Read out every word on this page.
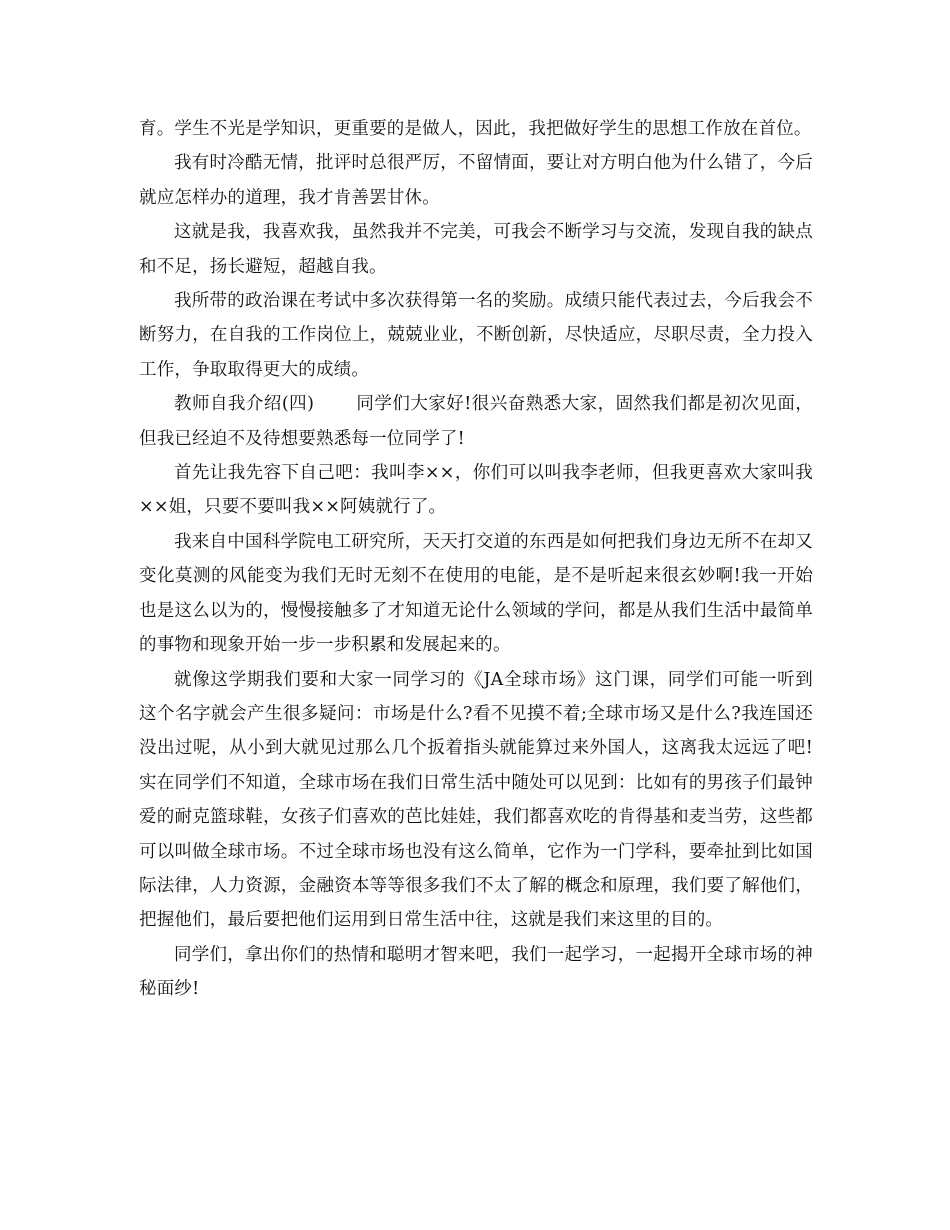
育。学生不光是学知识，更重要的是做人，因此，我把做好学生的思想工作放在首位。

我有时冷酷无情，批评时总很严厉，不留情面，要让对方明白他为什么错了，今后就应怎样办的道理，我才肯善罢甘休。

这就是我，我喜欢我，虽然我并不完美，可我会不断学习与交流，发现自我的缺点和不足，扬长避短，超越自我。

我所带的政治课在考试中多次获得第一名的奖励。成绩只能代表过去，今后我会不断努力，在自我的工作岗位上，兢兢业业，不断创新，尽快适应，尽职尽责，全力投入工作，争取取得更大的成绩。

教师自我介绍(四) 同学们大家好!很兴奋熟悉大家，固然我们都是初次见面，但我已经迫不及待想要熟悉每一位同学了!

首先让我先容下自己吧：我叫李××，你们可以叫我李老师，但我更喜欢大家叫我××姐，只要不要叫我××阿姨就行了。

我来自中国科学院电工研究所，天天打交道的东西是如何把我们身边无所不在却又变化莫测的风能变为我们无时无刻不在使用的电能，是不是听起来很玄妙啊!我一开始也是这么以为的，慢慢接触多了才知道无论什么领域的学问，都是从我们生活中最简单的事物和现象开始一步一步积累和发展起来的。

就像这学期我们要和大家一同学习的《JA全球市场》这门课，同学们可能一听到这个名字就会产生很多疑问：市场是什么?看不见摸不着;全球市场又是什么?我连国还没出过呢，从小到大就见过那么几个扳着指头就能算过来外国人，这离我太远远了吧!实在同学们不知道，全球市场在我们日常生活中随处可以见到：比如有的男孩子们最钟爱的耐克篮球鞋，女孩子们喜欢的芭比娃娃，我们都喜欢吃的肯得基和麦当劳，这些都可以叫做全球市场。不过全球市场也没有这么简单，它作为一门学科，要牵扯到比如国际法律，人力资源，金融资本等等很多我们不太了解的概念和原理，我们要了解他们，把握他们，最后要把他们运用到日常生活中往，这就是我们来这里的目的。

同学们，拿出你们的热情和聪明才智来吧，我们一起学习，一起揭开全球市场的神秘面纱!
